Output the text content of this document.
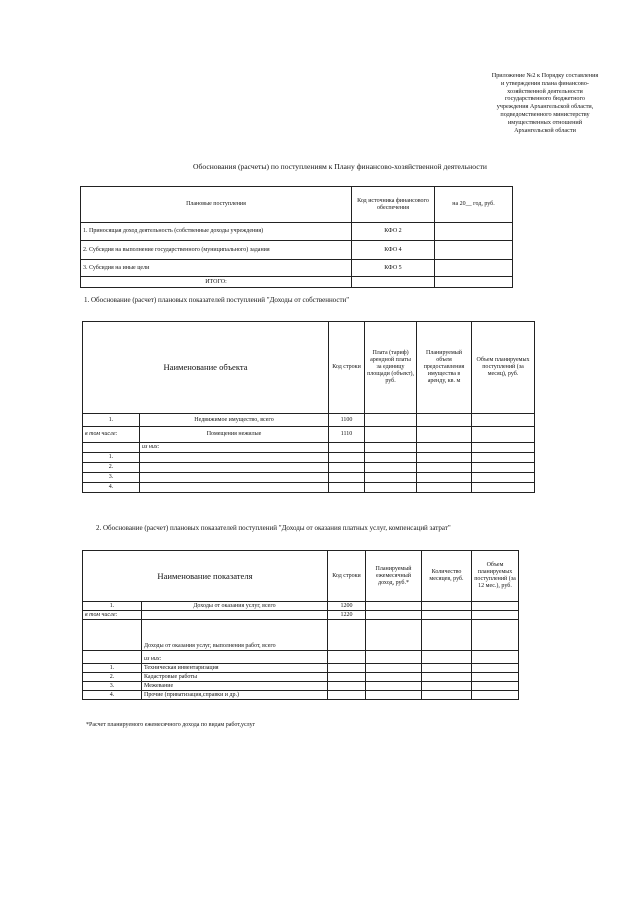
Приложение №2 к Порядку составления
и утверждения плана финансово-
хозяйственной деятельности
государственного бюджетного
учреждения Архангельской области,
подведомственного министерству
имущественных отношений
Архангельской области
Обоснования (расчеты) по поступлениям к Плану финансово-хозяйственной деятельности
Плановые поступления	Код источника финансового обеспечения	на 20__ год, руб.
1. Приносящая доход деятельность (собственные доходы учреждения)	КФО 2	
2. Субсидия на выполнение государственного (муниципального) задания	КФО 4	
3. Субсидия на иные цели	КФО 5	
ИТОГО:		
1. Обоснование (расчет) плановых показателей поступлений "Доходы от собственности"
Наименование объекта		Код строки	Плата (тариф) арендной платы за единицу площади (объект), руб.	Планируемый объем предоставления имущества в аренду, кв. м	Объем планируемых поступлений (за месяц), руб.	
1.	Недвижимое имущество, всего	1100				
в том числе:	Помещения нежилые	1110				
	из них:					
1.						
2.						
3.						
4.						
2. Обоснование (расчет) плановых показателей поступлений "Доходы от оказания платных услуг, компенсаций затрат"
Наименование показателя		Код строки	Планируемый ежемесячный доход, руб.*	Количество месяцев, руб.	Объем планируемых поступлений (за 12 мес.), руб.
1.	Доходы от оказания услуг, всего	1200			
в том числе:		1220			
	Доходы от оказания услуг, выполнения работ, всего				
	из них:				
1.	Техническая инвентаризация				
2.	Кадастровые работы				
3.	Межевание				
4.	Прочие (приватизация,справки и др.)				
*Расчет планируемого ежемесячного дохода по видам работ,услуг
